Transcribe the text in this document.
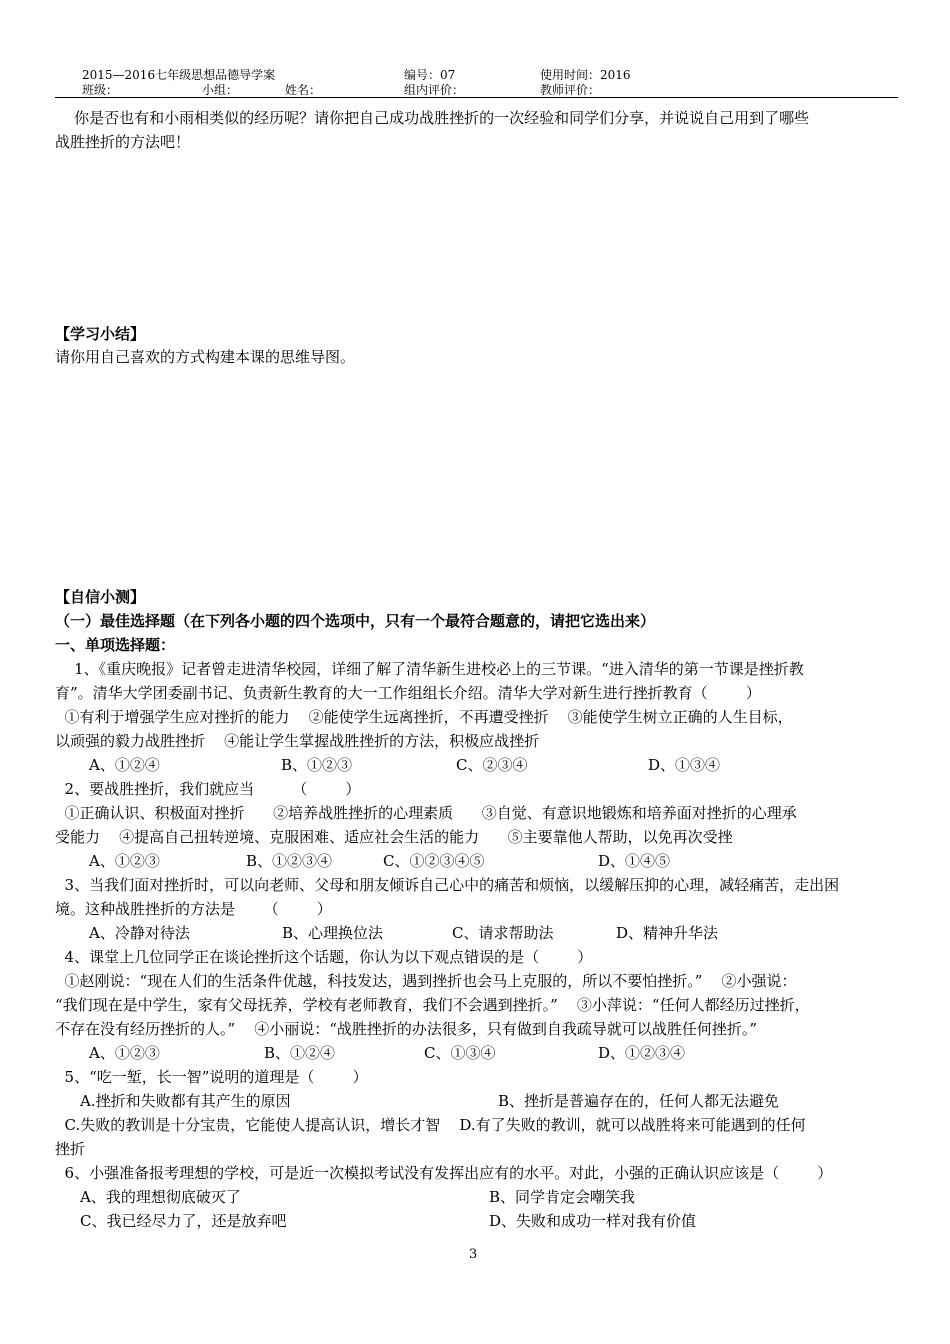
2015—2016七年级思想品德导学案	编号：07	使用时间：2016
班级：	小组：	姓名：	组内评价：	教师评价：
你是否也有和小雨相类似的经历呢？请你把自己成功战胜挫折的一次经验和同学们分享，并说说自己用到了哪些
战胜挫折的方法吧！
【学习小结】
请你用自己喜欢的方式构建本课的思维导图。
【自信小测】
（一）最佳选择题（在下列各小题的四个选项中，只有一个最符合题意的，请把它选出来）
一、单项选择题：
1、《重庆晚报》记者曾走进清华校园，详细了解了清华新生进校必上的三节课。“进入清华的第一节课是挫折教
育”。清华大学团委副书记、负责新生教育的大一工作组组长介绍。清华大学对新生进行挫折教育（        ）
①有利于增强学生应对挫折的能力    ②能使学生远离挫折，不再遭受挫折    ③能使学生树立正确的人生目标，
以顽强的毅力战胜挫折    ④能让学生掌握战胜挫折的方法，积极应战挫折
A、①②④	B、①②③	C、②③④	D、①③④
2、要战胜挫折，我们就应当        （        ）
①正确认识、积极面对挫折      ②培养战胜挫折的心理素质      ③自觉、有意识地锻炼和培养面对挫折的心理承
受能力    ④提高自己扭转逆境、克服困难、适应社会生活的能力      ⑤主要靠他人帮助，以免再次受挫
A、①②③	B、①②③④	C、①②③④⑤	D、①④⑤
3、当我们面对挫折时，可以向老师、父母和朋友倾诉自己心中的痛苦和烦恼，以缓解压抑的心理，减轻痛苦，走出困
境。这种战胜挫折的方法是      （        ）
A、冷静对待法	B、心理换位法	C、请求帮助法	D、精神升华法
4、课堂上几位同学正在谈论挫折这个话题，你认为以下观点错误的是（        ）
①赵刚说：“现在人们的生活条件优越，科技发达，遇到挫折也会马上克服的，所以不要怕挫折。”    ②小强说：
“我们现在是中学生，家有父母抚养，学校有老师教育，我们不会遇到挫折。”    ③小萍说：“任何人都经历过挫折，
不存在没有经历挫折的人。”    ④小丽说：“战胜挫折的办法很多，只有做到自我疏导就可以战胜任何挫折。”
A、①②③	B、①②④	C、①③④	D、①②③④
5、“吃一堑，长一智”说明的道理是（        ）
A.挫折和失败都有其产生的原因	B、挫折是普遍存在的，任何人都无法避免
C.失败的教训是十分宝贵，它能使人提高认识，增长才智    D.有了失败的教训，就可以战胜将来可能遇到的任何
挫折
6、小强准备报考理想的学校，可是近一次模拟考试没有发挥出应有的水平。对此，小强的正确认识应该是（        ）
A、我的理想彻底破灭了	B、同学肯定会嘲笑我
C、我已经尽力了，还是放弃吧	D、失败和成功一样对我有价值
3
